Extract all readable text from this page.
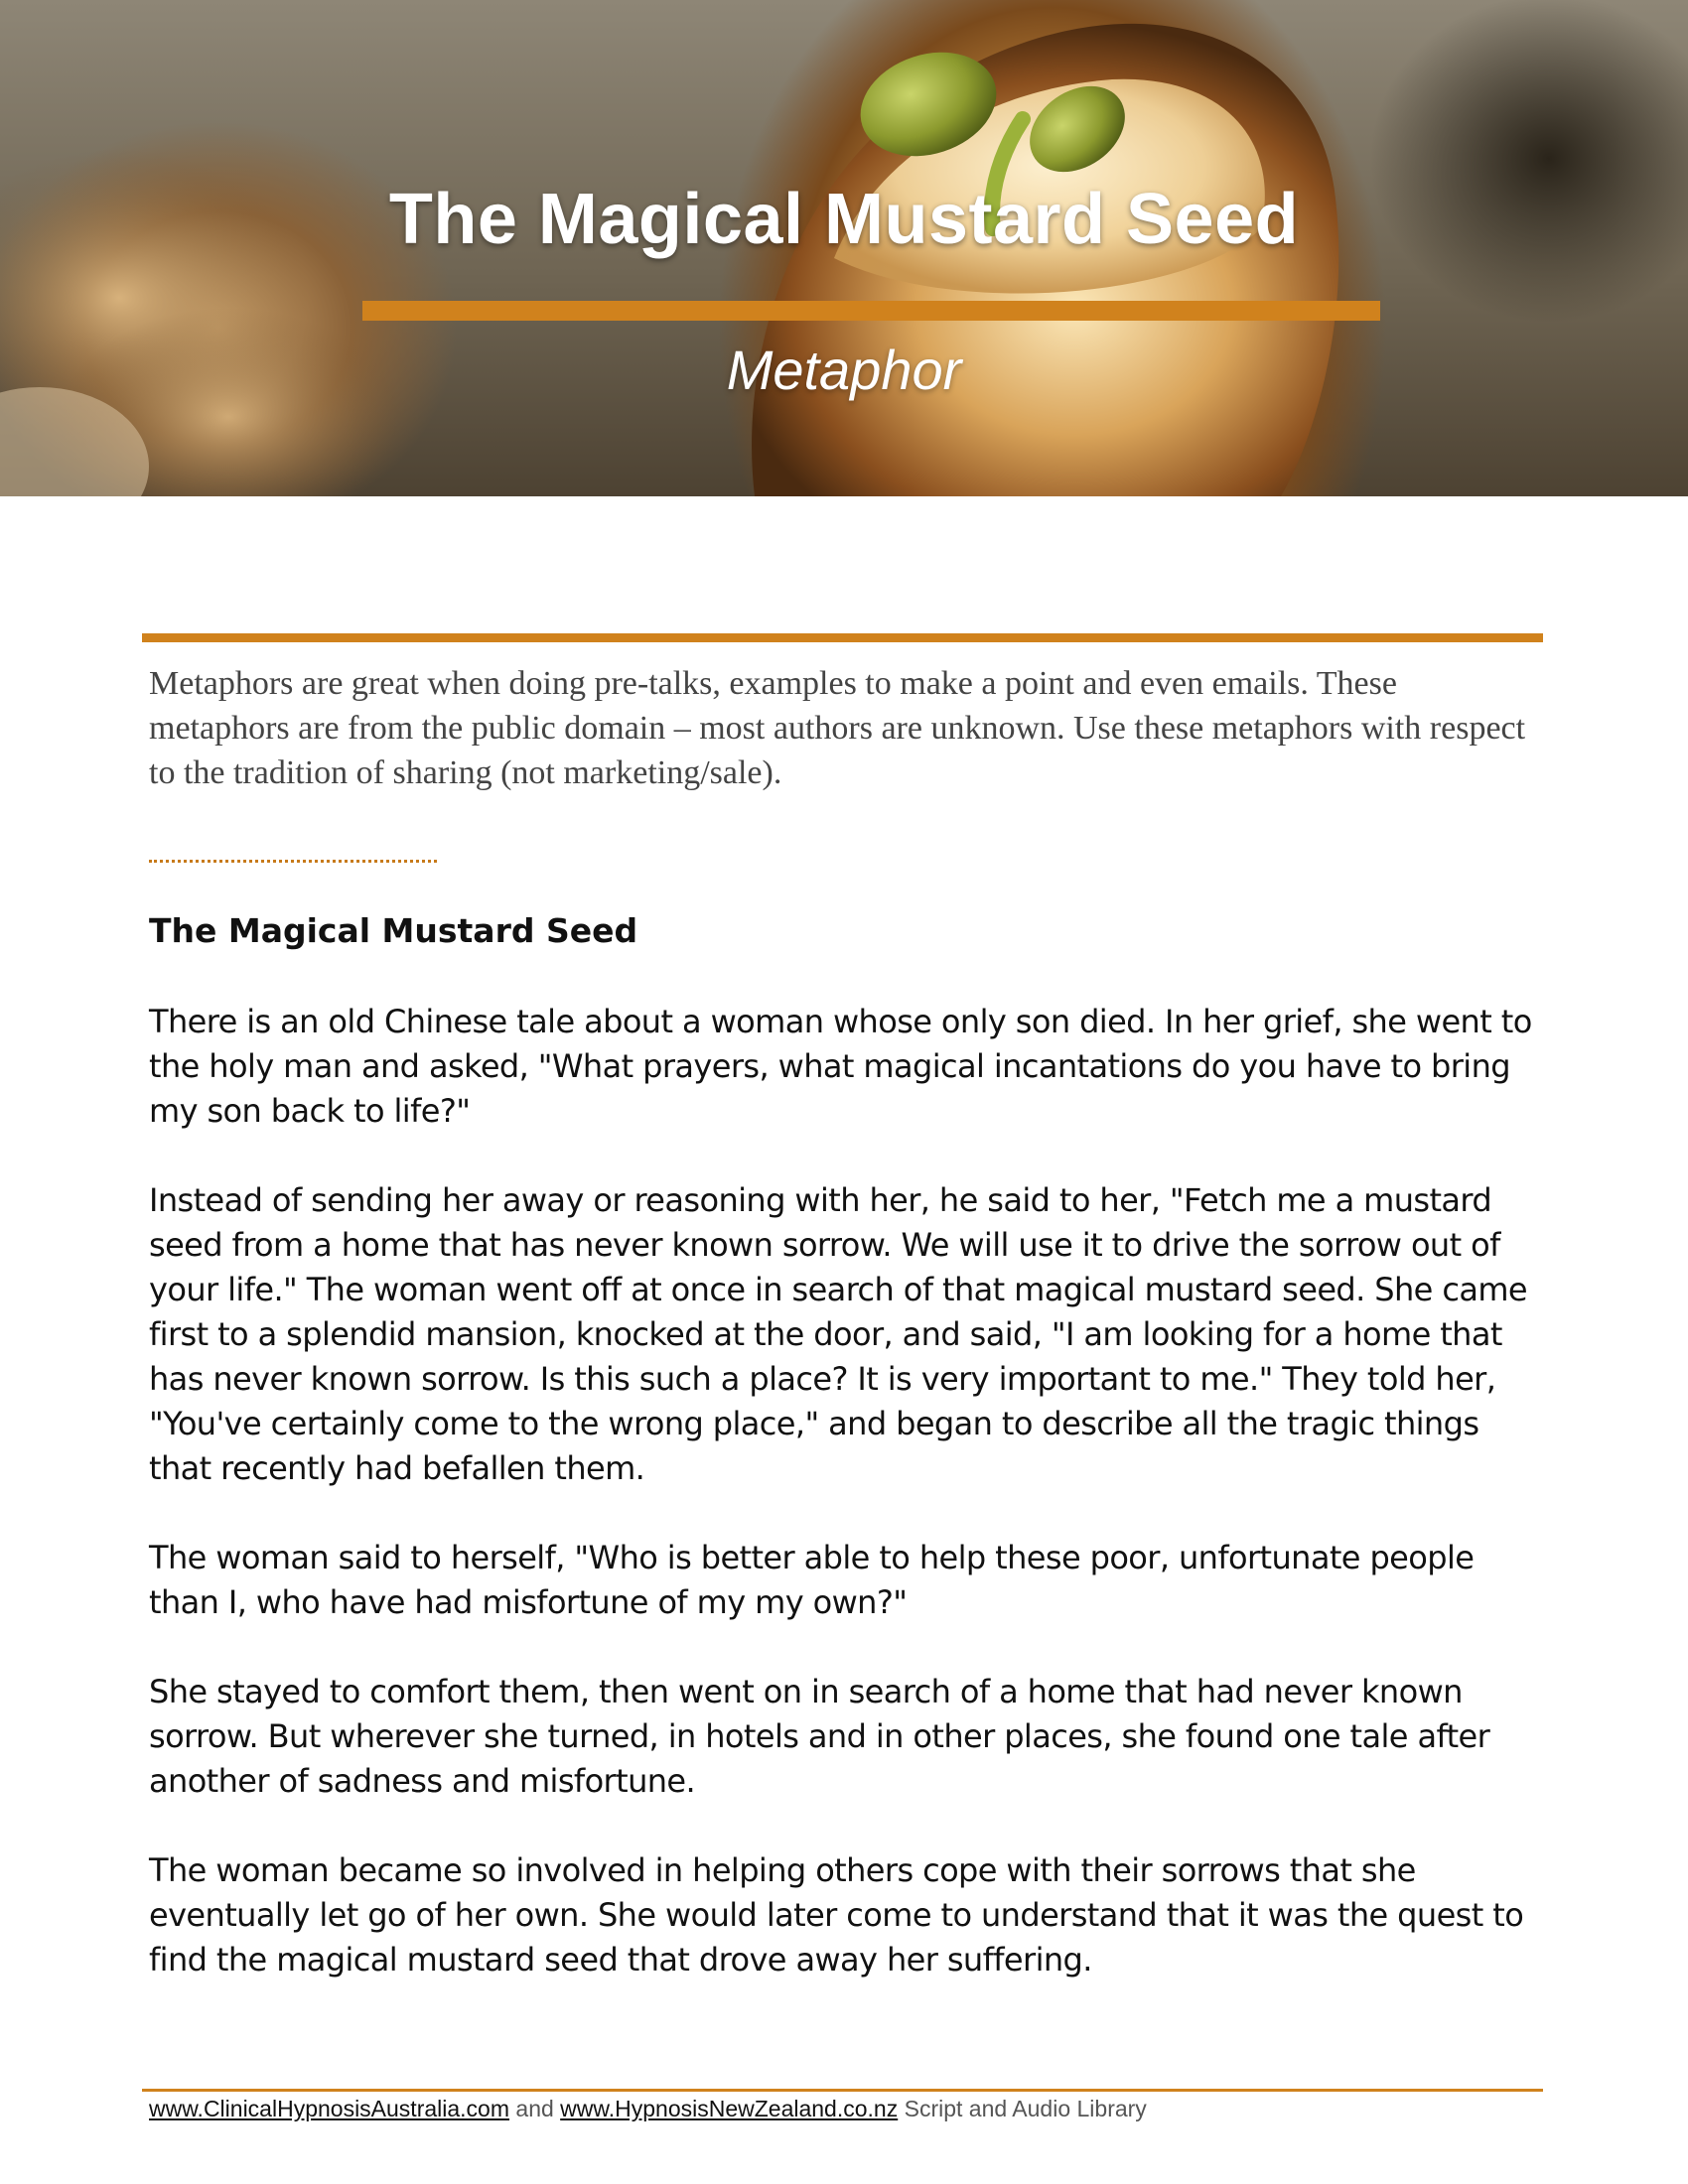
The Magical Mustard Seed
Metaphor

Metaphors are great when doing pre-talks, examples to make a point and even emails. These metaphors are from the public domain – most authors are unknown. Use these metaphors with respect to the tradition of sharing (not marketing/sale).

The Magical Mustard Seed

There is an old Chinese tale about a woman whose only son died. In her grief, she went to the holy man and asked, "What prayers, what magical incantations do you have to bring my son back to life?"

Instead of sending her away or reasoning with her, he said to her, "Fetch me a mustard seed from a home that has never known sorrow. We will use it to drive the sorrow out of your life." The woman went off at once in search of that magical mustard seed. She came first to a splendid mansion, knocked at the door, and said, "I am looking for a home that has never known sorrow. Is this such a place? It is very important to me." They told her, "You've certainly come to the wrong place," and began to describe all the tragic things that recently had befallen them.

The woman said to herself, "Who is better able to help these poor, unfortunate people than I, who have had misfortune of my my own?"

She stayed to comfort them, then went on in search of a home that had never known sorrow. But wherever she turned, in hotels and in other places, she found one tale after another of sadness and misfortune.

The woman became so involved in helping others cope with their sorrows that she eventually let go of her own. She would later come to understand that it was the quest to find the magical mustard seed that drove away her suffering.

www.ClinicalHypnosisAustralia.com and www.HypnosisNewZealand.co.nz Script and Audio Library
